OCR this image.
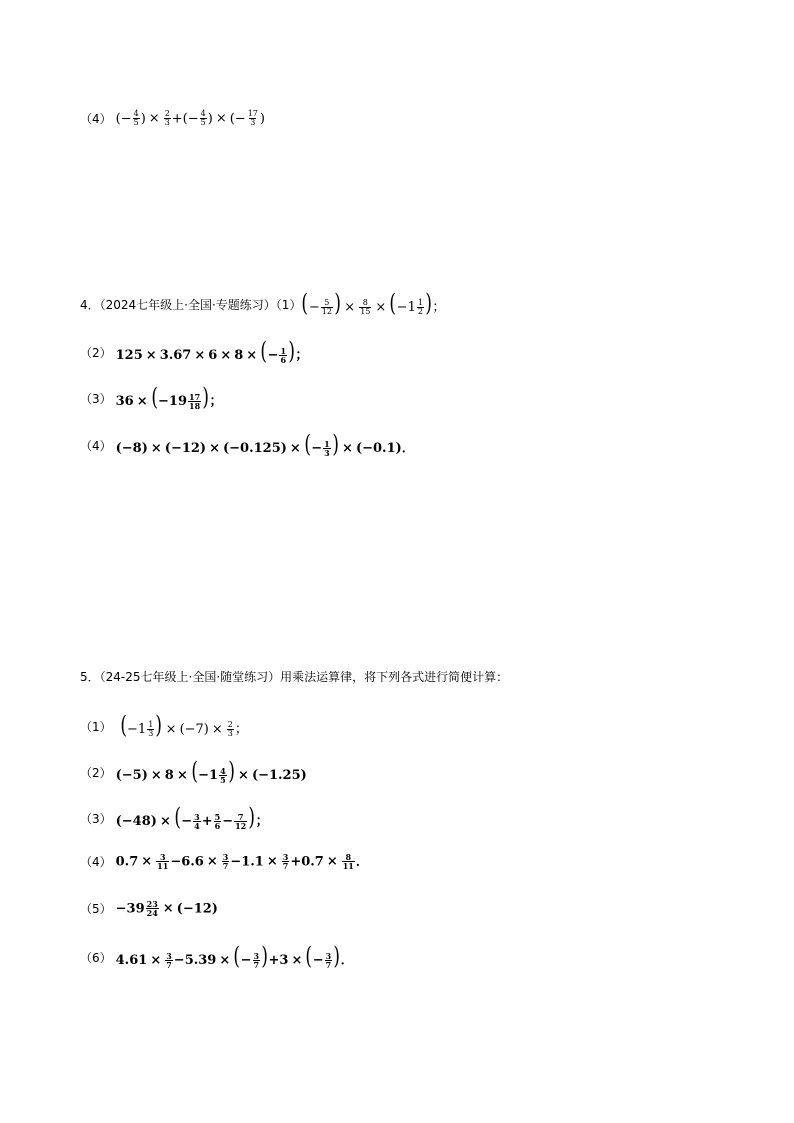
（4） (− $\frac{4}{5}$ ) × $\frac{2}{3}$ +(− $\frac{4}{5}$ ) × (− $\frac{17}{3}$ )
4．（2024七年级上·全国·专题练习）（1） (− $\frac{5}{12}$ ) × $\frac{8}{15} \times (-1 \frac{1}{2}$ )；
（2） 125 × 3.67 × 6 × 8 × (− $\frac{1}{6}$ )；
（3） $36 \times (-19 \frac{17}{18}$ )；
（4） (−8) × (−12) × (−0.125) × (− $\frac{1}{3}$ ) × (−0.1)．
5．（24-25七年级上·全国·随堂练习）用乘法运算律，将下列各式进行简便计算：
（1） ($-1 \frac{1}{3}$ ) × $(-7) \times \frac{2}{3}$ ；
（2） $(-5) \times 8 \times (-1 \frac{4}{5}$ ) × (−1.25)
（3） (−48) × (− $\frac{3}{4} + \frac{5}{6} - \frac{7}{12}$ )；
（4） $0.7 \times \frac{3}{11} -6.6 \times \frac{3}{7} -1.1 \times \frac{3}{7} +0.7 \times \frac{8}{11}$ ．
$(5) -39 \frac{23}{24} \times (-12)$
（6） $4.61 \times \frac{3}{7} -5.39$ × (− $\frac{3}{7} )+3$ × (− $\frac{3}{7}$ )．
